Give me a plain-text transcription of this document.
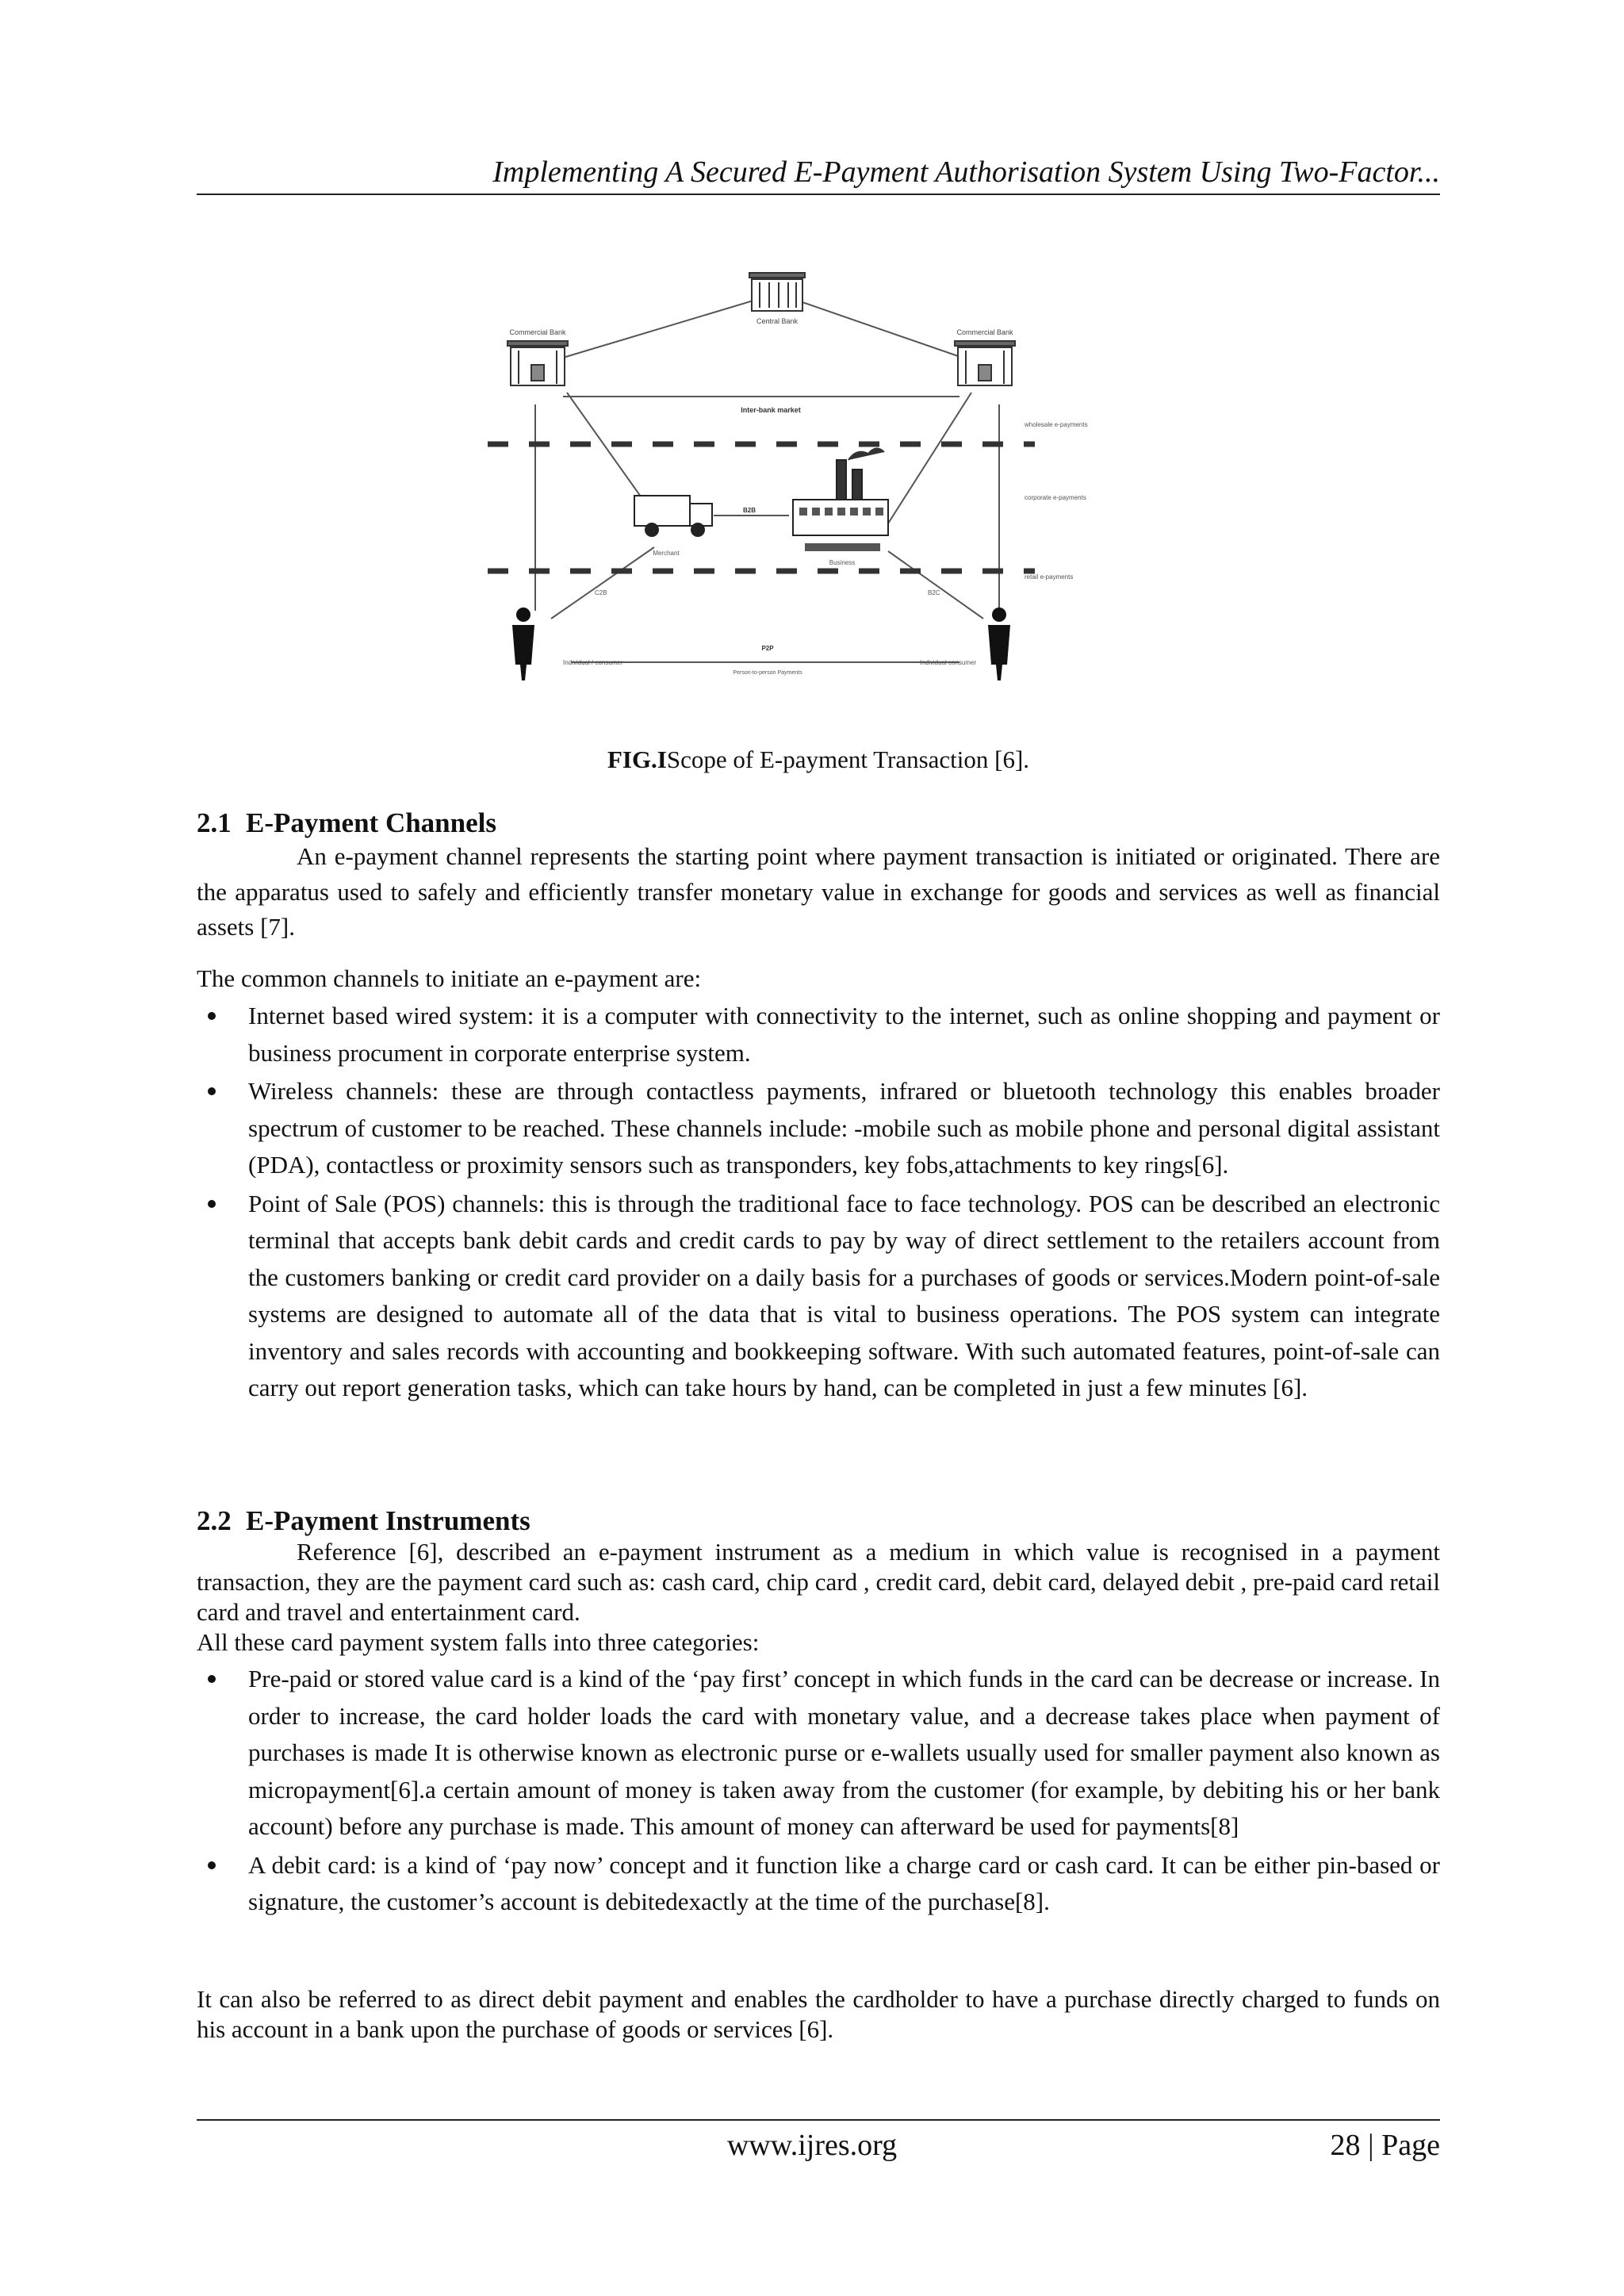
Implementing A Secured E-Payment Authorisation System Using Two-Factor...
Central Bank
Commercial Bank	Commercial Bank
Inter-bank market
wholesale e-payments
corporate e-payments
retail e-payments
Merchant
B2B
Business
C2B	B2C
Individual / consumer	Individual consumer
P2P
Person-to-person Payments
FIG.IScope of E-payment Transaction [6].
2.1 E-Payment Channels

An e-payment channel represents the starting point where payment transaction is initiated or originated. There are the apparatus used to safely and efficiently transfer monetary value in exchange for goods and services as well as financial assets [7].

The common channels to initiate an e-payment are:

Internet based wired system: it is a computer with connectivity to the internet, such as online shopping and payment or business procument in corporate enterprise system.
Wireless channels: these are through contactless payments, infrared or bluetooth technology this enables broader spectrum of customer to be reached. These channels include: -mobile such as mobile phone and personal digital assistant (PDA), contactless or proximity sensors such as transponders, key fobs,attachments to key rings[6].
Point of Sale (POS) channels: this is through the traditional face to face technology. POS can be described an electronic terminal that accepts bank debit cards and credit cards to pay by way of direct settlement to the retailers account from the customers banking or credit card provider on a daily basis for a purchases of goods or services.Modern point-of-sale systems are designed to automate all of the data that is vital to business operations. The POS system can integrate inventory and sales records with accounting and bookkeeping software. With such automated features, point-of-sale can carry out report generation tasks, which can take hours by hand, can be completed in just a few minutes [6].
2.2 E-Payment Instruments

Reference [6], described an e-payment instrument as a medium in which value is recognised in a payment transaction, they are the payment card such as: cash card, chip card , credit card, debit card, delayed debit , pre-paid card retail card and travel and entertainment card.

All these card payment system falls into three categories:

Pre-paid or stored value card is a kind of the ‘pay first’ concept in which funds in the card can be decrease or increase. In order to increase, the card holder loads the card with monetary value, and a decrease takes place when payment of purchases is made It is otherwise known as electronic purse or e-wallets usually used for smaller payment also known as micropayment[6].a certain amount of money is taken away from the customer (for example, by debiting his or her bank account) before any purchase is made. This amount of money can afterward be used for payments[8]
A debit card: is a kind of ‘pay now’ concept and it function like a charge card or cash card. It can be either pin-based or signature, the customer’s account is debitedexactly at the time of the purchase[8].

It can also be referred to as direct debit payment and enables the cardholder to have a purchase directly charged to funds on his account in a bank upon the purchase of goods or services [6].

www.ijres.org	28 | Page
